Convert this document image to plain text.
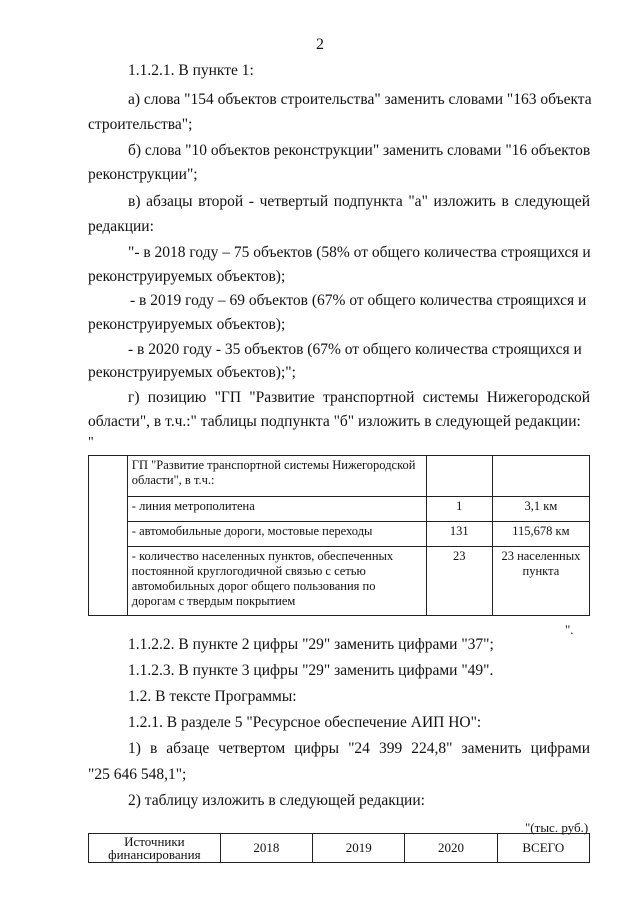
2
1.1.2.1. В пункте 1:
а) слова "154 объектов строительства" заменить словами "163 объекта
строительства";
б) слова "10 объектов реконструкции" заменить словами "16 объектов
реконструкции";
в) абзацы второй - четвертый подпункта "а" изложить в следующей
редакции:
"- в 2018 году – 75 объектов (58% от общего количества строящихся и
реконструируемых объектов);
- в 2019 году – 69 объектов (67% от общего количества строящихся и
реконструируемых объектов);
- в 2020 году - 35 объектов (67% от общего количества строящихся и
реконструируемых объектов);";
г) позицию "ГП "Развитие транспортной системы Нижегородской
области", в т.ч.:" таблицы подпункта "б" изложить в следующей редакции:
"
	ГП "Развитие транспортной системы Нижегородской области", в т.ч.:		
	- линия метрополитена	1	3,1 км
	- автомобильные дороги, мостовые переходы	131	115,678 км
	- количество населенных пунктов, обеспеченных постоянной круглогодичной связью с сетью автомобильных дорог общего пользования по дорогам с твердым покрытием	23	23 населенных пункта
".
1.1.2.2. В пункте 2 цифры "29" заменить цифрами "37";
1.1.2.3. В пункте 3 цифры "29" заменить цифрами "49".
1.2. В тексте Программы:
1.2.1. В разделе 5 "Ресурсное обеспечение АИП НО":
1) в абзаце четвертом цифры "24 399 224,8" заменить цифрами
"25 646 548,1";
2) таблицу изложить в следующей редакции:
"(тыс. руб.)
Источники финансирования	2018	2019	2020	ВСЕГО
